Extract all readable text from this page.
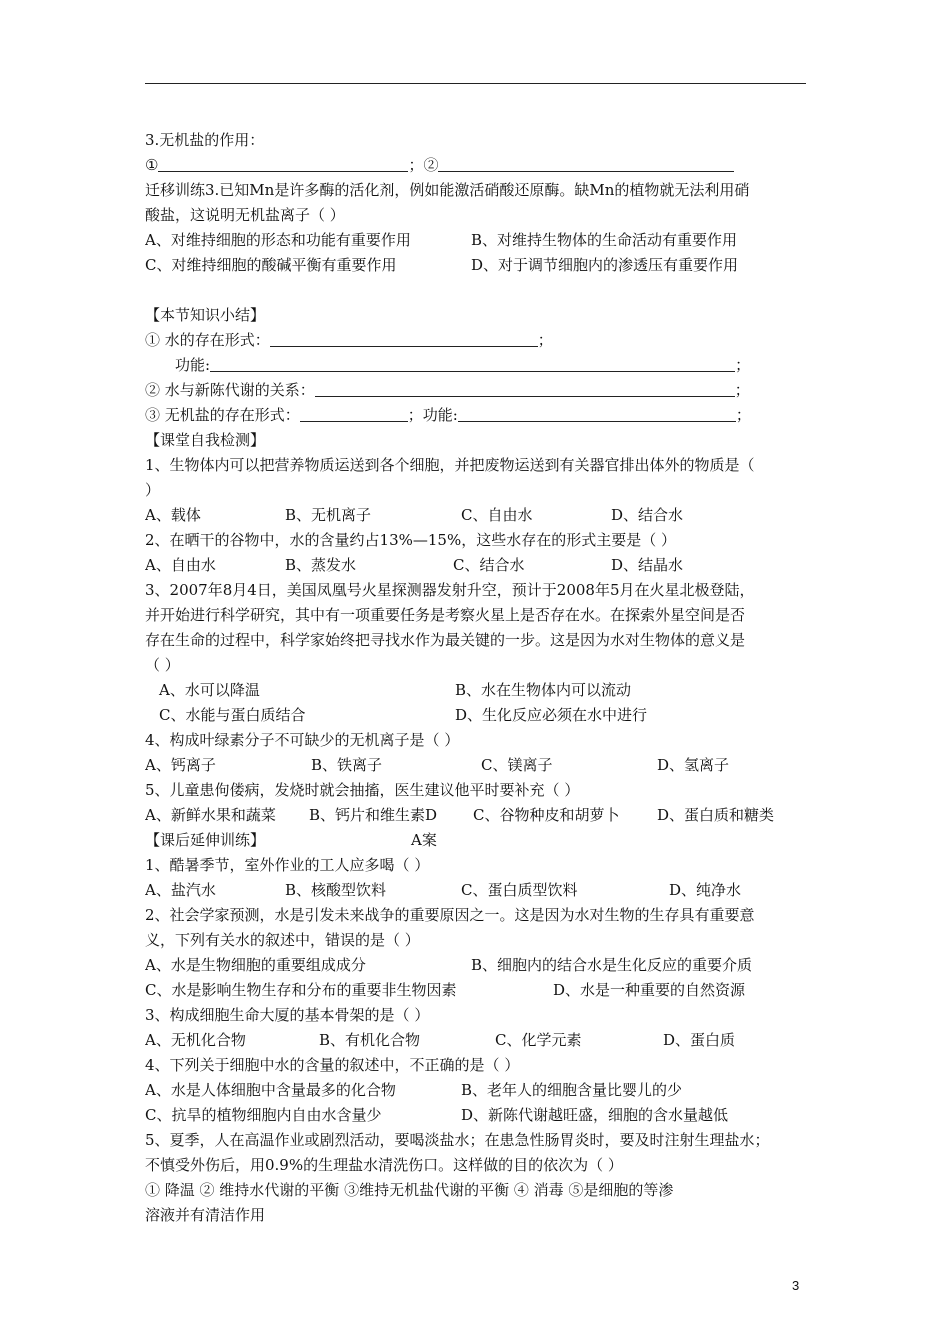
3.无机盐的作用：
①	；②
迁移训练3.已知Mn是许多酶的活化剂，例如能激活硝酸还原酶。缺Mn的植物就无法利用硝
酸盐，这说明无机盐离子（ ）
A、对维持细胞的形态和功能有重要作用	B、对维持生物体的生命活动有重要作用
C、对维持细胞的酸碱平衡有重要作用	D、对于调节细胞内的渗透压有重要作用
【本节知识小结】
① 水的存在形式：	；
功能:	；
② 水与新陈代谢的关系：	；
③ 无机盐的存在形式：	；功能:	；
【课堂自我检测】
1、生物体内可以把营养物质运送到各个细胞，并把废物运送到有关器官排出体外的物质是（
）
A、载体	B、无机离子	C、自由水	D、结合水
2、在晒干的谷物中，水的含量约占13%—15%，这些水存在的形式主要是（ ）
A、自由水	B、蒸发水	C、结合水	D、结晶水
3、2007年8月4日，美国凤凰号火星探测器发射升空，预计于2008年5月在火星北极登陆，
并开始进行科学研究，其中有一项重要任务是考察火星上是否存在水。在探索外星空间是否
存在生命的过程中，科学家始终把寻找水作为最关键的一步。这是因为水对生物体的意义是
（ ）
A、水可以降温	B、水在生物体内可以流动
C、水能与蛋白质结合	D、生化反应必须在水中进行
4、构成叶绿素分子不可缺少的无机离子是（ ）
A、钙离子	B、铁离子	C、镁离子	D、氢离子
5、儿童患佝偻病，发烧时就会抽搐，医生建议他平时要补充（ ）
A、新鲜水果和蔬菜 B、钙片和维生素D C、谷物种皮和胡萝卜	D、蛋白质和糖类
【课后延伸训练】	A案
1、酷暑季节，室外作业的工人应多喝（ ）
A、盐汽水	B、核酸型饮料	C、蛋白质型饮料	D、纯净水
2、社会学家预测，水是引发未来战争的重要原因之一。这是因为水对生物的生存具有重要意
义，下列有关水的叙述中，错误的是（ ）
A、水是生物细胞的重要组成成分	B、细胞内的结合水是生化反应的重要介质
C、水是影响生物生存和分布的重要非生物因素	D、水是一种重要的自然资源
3、构成细胞生命大厦的基本骨架的是（ ）
A、无机化合物	B、有机化合物	C、化学元素	D、蛋白质
4、下列关于细胞中水的含量的叙述中，不正确的是（ ）
A、水是人体细胞中含量最多的化合物	B、老年人的细胞含量比婴儿的少
C、抗旱的植物细胞内自由水含量少	D、新陈代谢越旺盛，细胞的含水量越低
5、夏季，人在高温作业或剧烈活动，要喝淡盐水；在患急性肠胃炎时，要及时注射生理盐水；
不慎受外伤后，用0.9%的生理盐水清洗伤口。这样做的目的依次为（ ）
① 降温 ② 维持水代谢的平衡 ③维持无机盐代谢的平衡 ④ 消毒 ⑤是细胞的等渗
溶液并有清洁作用
3
